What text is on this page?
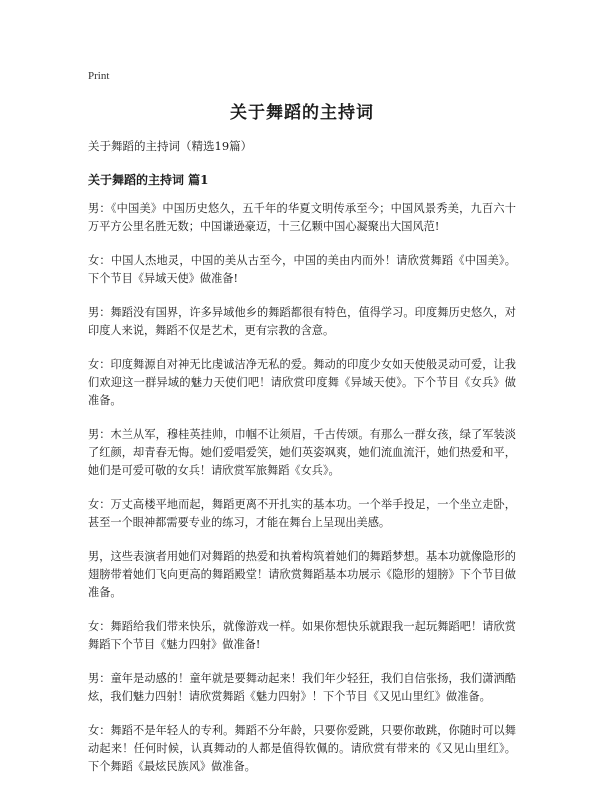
Print
关于舞蹈的主持词
关于舞蹈的主持词（精选19篇）
关于舞蹈的主持词 篇1
男：《中国美》中国历史悠久，五千年的华夏文明传承至今；中国风景秀美，九百六十万平方公里名胜无数；中国谦逊豪迈，十三亿颗中国心凝聚出大国风范!
女：中国人杰地灵，中国的美从古至今，中国的美由内而外！请欣赏舞蹈《中国美》。下个节目《异域天使》做准备!
男：舞蹈没有国界，许多异域他乡的舞蹈都很有特色，值得学习。印度舞历史悠久，对印度人来说，舞蹈不仅是艺术，更有宗教的含意。
女：印度舞源自对神无比虔诚洁净无私的爱。舞动的印度少女如天使般灵动可爱，让我们欢迎这一群异域的魅力天使们吧！请欣赏印度舞《异域天使》。下个节目《女兵》做准备。
男：木兰从军，穆桂英挂帅，巾帼不让须眉，千古传颂。有那么一群女孩，绿了军装淡了红颜，却青春无悔。她们爱唱爱笑，她们英姿飒爽，她们流血流汗，她们热爱和平，她们是可爱可敬的女兵！请欣赏军旅舞蹈《女兵》。
女：万丈高楼平地而起，舞蹈更离不开扎实的基本功。一个举手投足，一个坐立走卧，甚至一个眼神都需要专业的练习，才能在舞台上呈现出美感。
男，这些表演者用她们对舞蹈的热爱和执着构筑着她们的舞蹈梦想。基本功就像隐形的翅膀带着她们飞向更高的舞蹈殿堂！请欣赏舞蹈基本功展示《隐形的翅膀》下个节目做准备。
女：舞蹈给我们带来快乐，就像游戏一样。如果你想快乐就跟我一起玩舞蹈吧！请欣赏舞蹈下个节目《魅力四射》做准备!
男：童年是动感的！童年就是要舞动起来！我们年少轻狂，我们自信张扬，我们潇洒酷炫，我们魅力四射！请欣赏舞蹈《魅力四射》！下个节目《又见山里红》做准备。
女：舞蹈不是年轻人的专利。舞蹈不分年龄，只要你爱跳，只要你敢跳，你随时可以舞动起来！任何时候，认真舞动的人都是值得钦佩的。请欣赏有带来的《又见山里红》。下个舞蹈《最炫民族风》做准备。
